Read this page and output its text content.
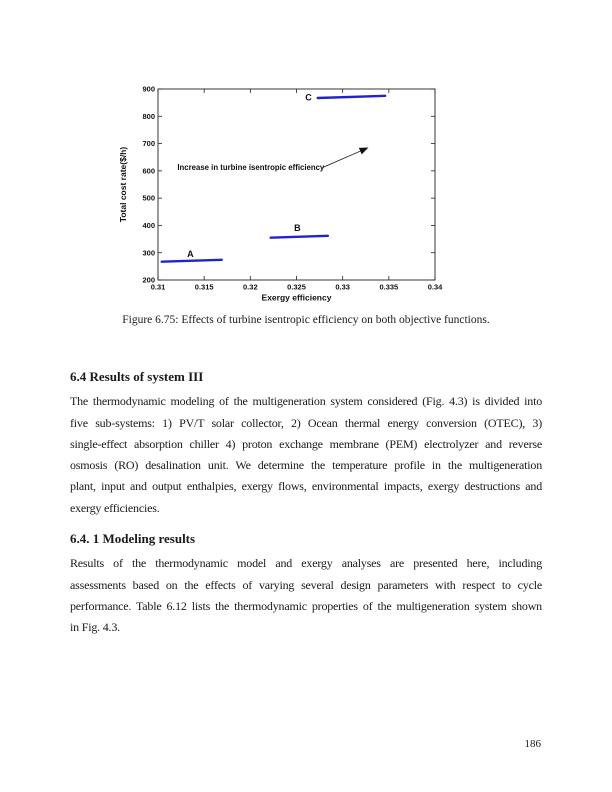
0.31	0.315	0.32	0.325	0.33	0.335	0.34
200
300
400
500
600
700
800
900
Exergy efficiency
Total cost rate($/h)	Increase in turbine isentropic efficiency
A
B
C
Figure 6.75: Effects of turbine isentropic efficiency on both objective functions.
6.4 Results of system III
The thermodynamic modeling of the multigeneration system considered (Fig. 4.3) is divided into
five sub-systems: 1) PV/T solar collector, 2) Ocean thermal energy conversion (OTEC), 3)
single-effect absorption chiller 4) proton exchange membrane (PEM) electrolyzer and reverse
osmosis (RO) desalination unit. We determine the temperature profile in the multigeneration
plant, input and output enthalpies, exergy flows, environmental impacts, exergy destructions and
exergy efficiencies.
6.4. 1 Modeling results
Results of the thermodynamic model and exergy analyses are presented here, including
assessments based on the effects of varying several design parameters with respect to cycle
performance. Table 6.12 lists the thermodynamic properties of the multigeneration system shown
in Fig. 4.3.
186
